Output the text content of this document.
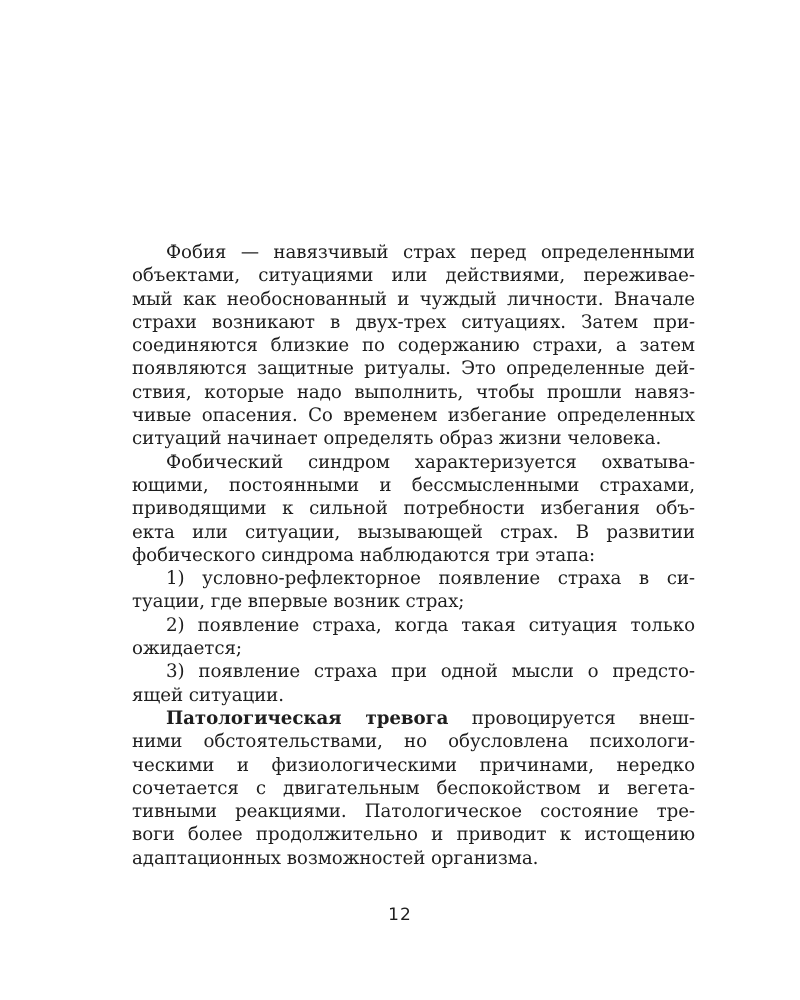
Фобия — навязчивый страх перед определенными
объектами, ситуациями или действиями, переживае-
мый как необоснованный и чуждый личности. Вначале
страхи возникают в двух-трех ситуациях. Затем при-
соединяются близкие по содержанию страхи, а затем
появляются защитные ритуалы. Это определенные дей-
ствия, которые надо выполнить, чтобы прошли навяз-
чивые опасения. Со временем избегание определенных
ситуаций начинает определять образ жизни человека.
Фобический синдром характеризуется охватыва-
ющими, постоянными и бессмысленными страхами,
приводящими к сильной потребности избегания объ-
екта или ситуации, вызывающей страх. В развитии
фобического синдрома наблюдаются три этапа:
1) условно-рефлекторное появление страха в си-
туации, где впервые возник страх;
2) появление страха, когда такая ситуация только
ожидается;
3) появление страха при одной мысли о предсто-
ящей ситуации.
Патологическая тревога провоцируется внеш-
ними обстоятельствами, но обусловлена психологи-
ческими и физиологическими причинами, нередко
сочетается с двигательным беспокойством и вегета-
тивными реакциями. Патологическое состояние тре-
воги более продолжительно и приводит к истощению
адаптационных возможностей организма.
12
